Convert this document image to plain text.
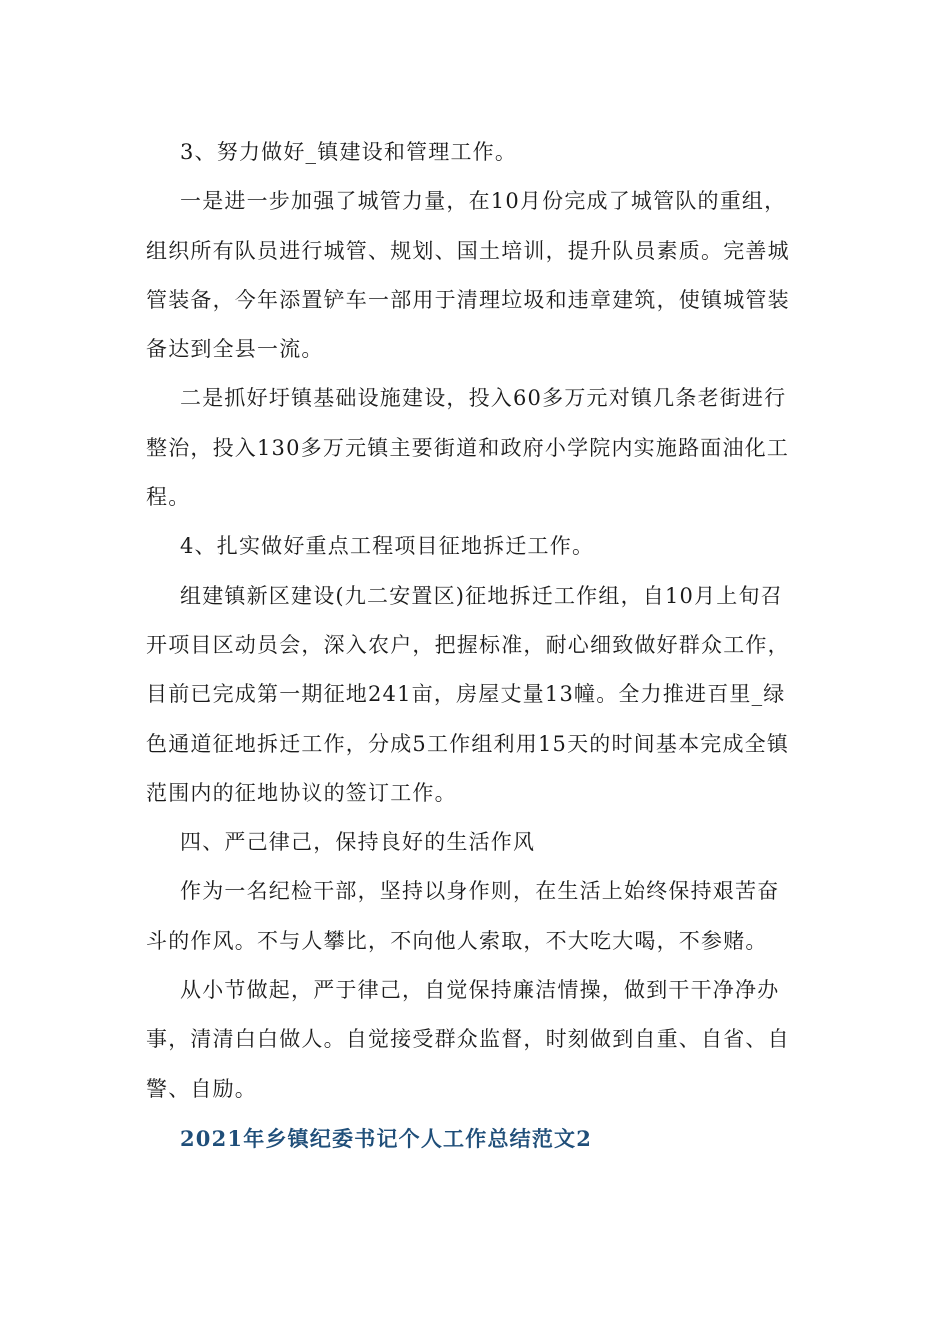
3、努力做好_镇建设和管理工作。

一是进一步加强了城管力量，在10月份完成了城管队的重组，组织所有队员进行城管、规划、国土培训，提升队员素质。完善城管装备，今年添置铲车一部用于清理垃圾和违章建筑，使镇城管装备达到全县一流。

二是抓好圩镇基础设施建设，投入60多万元对镇几条老街进行整治，投入130多万元镇主要街道和政府小学院内实施路面油化工程。

4、扎实做好重点工程项目征地拆迁工作。

组建镇新区建设(九二安置区)征地拆迁工作组，自10月上旬召开项目区动员会，深入农户，把握标准，耐心细致做好群众工作，目前已完成第一期征地241亩，房屋丈量13幢。全力推进百里_绿色通道征地拆迁工作，分成5工作组利用15天的时间基本完成全镇范围内的征地协议的签订工作。

四、严己律己，保持良好的生活作风

作为一名纪检干部，坚持以身作则，在生活上始终保持艰苦奋斗的作风。不与人攀比，不向他人索取，不大吃大喝，不参赌。

从小节做起，严于律己，自觉保持廉洁情操，做到干干净净办事，清清白白做人。自觉接受群众监督，时刻做到自重、自省、自警、自励。

2021年乡镇纪委书记个人工作总结范文2
